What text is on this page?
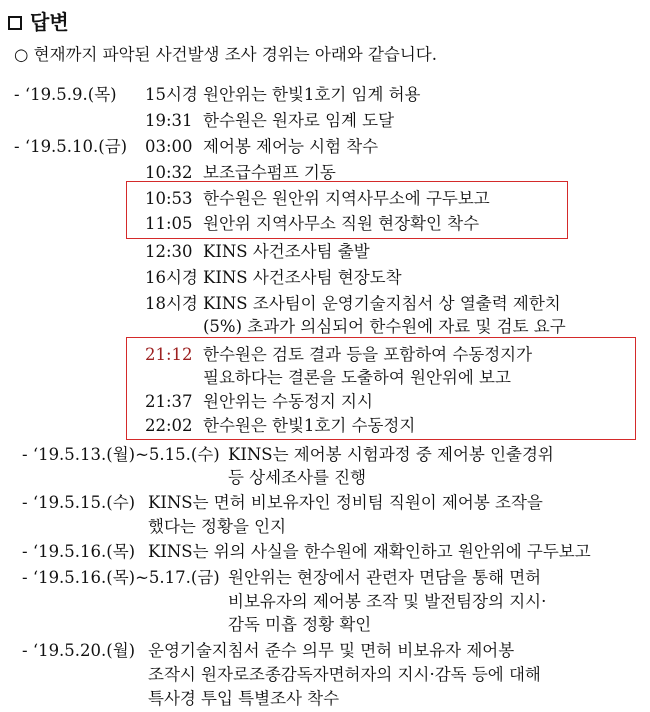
답변
○ 현재까지 파악된 사건발생 조사 경위는 아래와 같습니다.
- ‘19.5.9.(목) 15시경 원안위는 한빛1호기 임계 허용
19:31 한수원은 원자로 임계 도달
- ‘19.5.10.(금) 03:00 제어봉 제어능 시험 착수
10:32 보조급수펌프 기동
10:53 한수원은 원안위 지역사무소에 구두보고
11:05 원안위 지역사무소 직원 현장확인 착수
12:30 KINS 사건조사팀 출발
16시경 KINS 사건조사팀 현장도착
18시경 KINS 조사팀이 운영기술지침서 상 열출력 제한치
(5%) 초과가 의심되어 한수원에 자료 및 검토 요구
21:12 한수원은 검토 결과 등을 포함하여 수동정지가
필요하다는 결론을 도출하여 원안위에 보고
21:37 원안위는 수동정지 지시
22:02 한수원은 한빛1호기 수동정지
- ‘19.5.13.(월)~5.15.(수) KINS는 제어봉 시험과정 중 제어봉 인출경위
등 상세조사를 진행
- ‘19.5.15.(수) KINS는 면허 비보유자인 정비팀 직원이 제어봉 조작을
했다는 정황을 인지
- ‘19.5.16.(목) KINS는 위의 사실을 한수원에 재확인하고 원안위에 구두보고
- ‘19.5.16.(목)~5.17.(금) 원안위는 현장에서 관련자 면담을 통해 면허
비보유자의 제어봉 조작 및 발전팀장의 지시·
감독 미흡 정황 확인
- ‘19.5.20.(월) 운영기술지침서 준수 의무 및 면허 비보유자 제어봉
조작시 원자로조종감독자면허자의 지시·감독 등에 대해
특사경 투입 특별조사 착수
